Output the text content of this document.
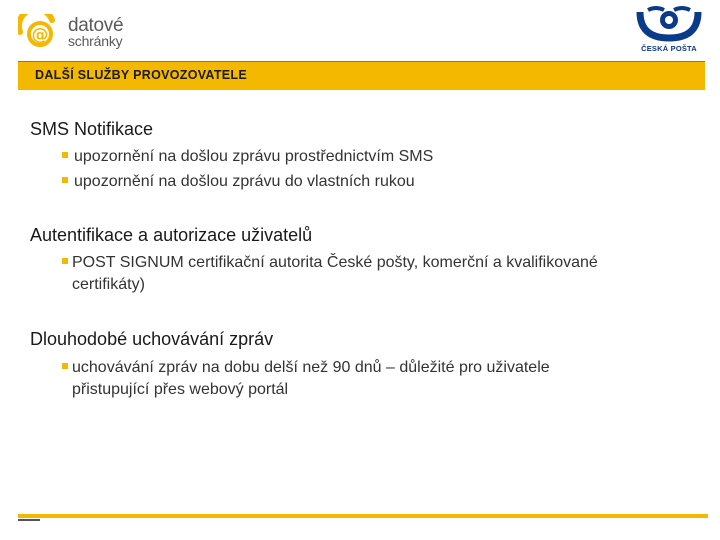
@ datové
schránky	ČESKÁ POŠTA
DALŠÍ SLUŽBY PROVOZOVATELE
SMS Notifikace
upozornění na došlou zprávu prostřednictvím SMS
upozornění na došlou zprávu do vlastních rukou
Autentifikace a autorizace uživatelů
POST SIGNUM certifikační autorita České pošty, komerční a kvalifikované
certifikáty)
Dlouhodobé uchovávání zpráv
uchovávání zpráv na dobu delší než 90 dnů – důležité pro uživatele
přistupující přes webový portál
